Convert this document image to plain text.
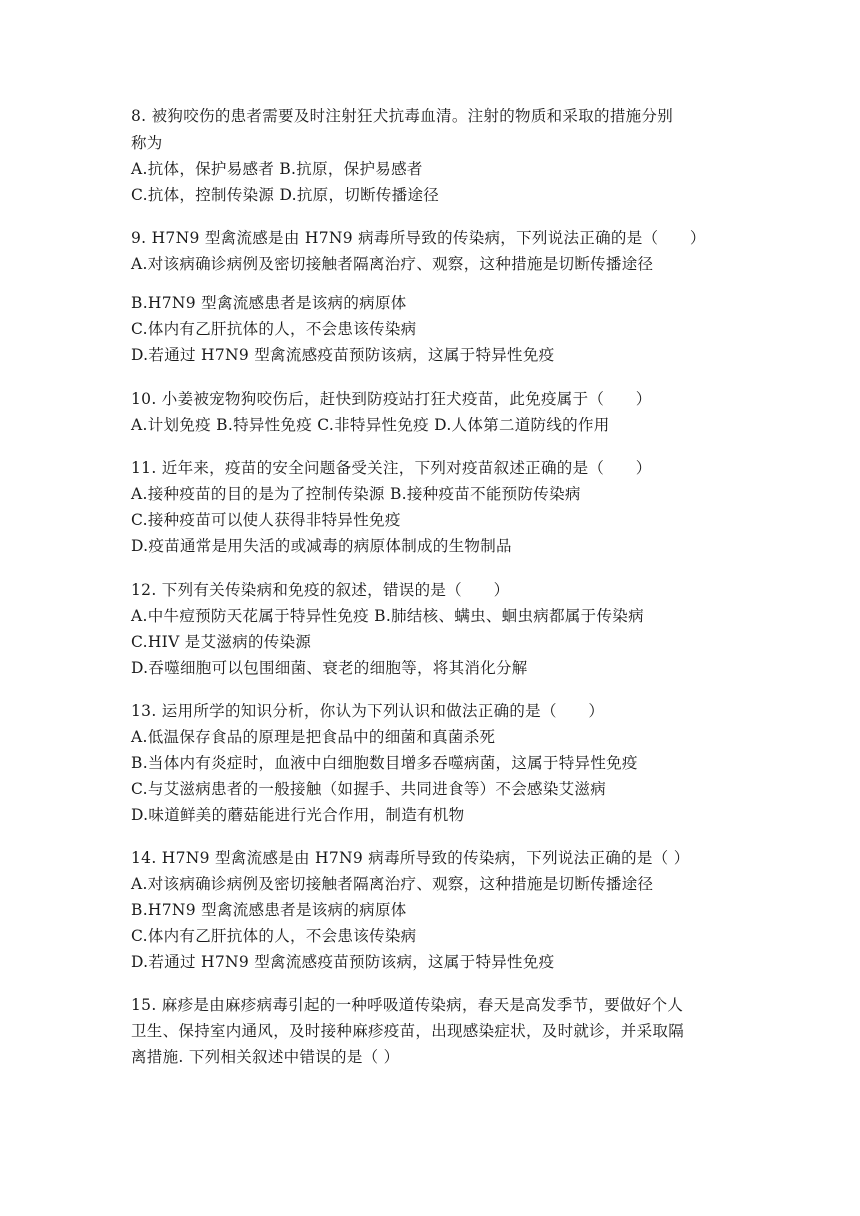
8. 被狗咬伤的患者需要及时注射狂犬抗毒血清。注射的物质和采取的措施分别
称为
A.抗体，保护易感者 B.抗原，保护易感者
C.抗体，控制传染源 D.抗原，切断传播途径
9. H7N9 型禽流感是由 H7N9 病毒所导致的传染病，下列说法正确的是（　　）
A.对该病确诊病例及密切接触者隔离治疗、观察，这种措施是切断传播途径
B.H7N9 型禽流感患者是该病的病原体
C.体内有乙肝抗体的人，不会患该传染病
D.若通过 H7N9 型禽流感疫苗预防该病，这属于特异性免疫
10. 小姜被宠物狗咬伤后，赶快到防疫站打狂犬疫苗，此免疫属于（　　）
A.计划免疫 B.特异性免疫 C.非特异性免疫 D.人体第二道防线的作用
11. 近年来，疫苗的安全问题备受关注，下列对疫苗叙述正确的是（　　）
A.接种疫苗的目的是为了控制传染源 B.接种疫苗不能预防传染病
C.接种疫苗可以使人获得非特异性免疫
D.疫苗通常是用失活的或减毒的病原体制成的生物制品
12. 下列有关传染病和免疫的叙述，错误的是（　　）
A.中牛痘预防天花属于特异性免疫 B.肺结核、螨虫、蛔虫病都属于传染病
C.HIV 是艾滋病的传染源
D.吞噬细胞可以包围细菌、衰老的细胞等，将其消化分解
13. 运用所学的知识分析，你认为下列认识和做法正确的是（　　）
A.低温保存食品的原理是把食品中的细菌和真菌杀死
B.当体内有炎症时，血液中白细胞数目增多吞噬病菌，这属于特异性免疫
C.与艾滋病患者的一般接触（如握手、共同进食等）不会感染艾滋病
D.味道鲜美的蘑菇能进行光合作用，制造有机物
14. H7N9 型禽流感是由 H7N9 病毒所导致的传染病，下列说法正确的是（ ）
A.对该病确诊病例及密切接触者隔离治疗、观察，这种措施是切断传播途径
B.H7N9 型禽流感患者是该病的病原体
C.体内有乙肝抗体的人，不会患该传染病
D.若通过 H7N9 型禽流感疫苗预防该病，这属于特异性免疫
15. 麻疹是由麻疹病毒引起的一种呼吸道传染病，春天是高发季节，要做好个人
卫生、保持室内通风，及时接种麻疹疫苗，出现感染症状，及时就诊，并采取隔
离措施. 下列相关叙述中错误的是（ ）
